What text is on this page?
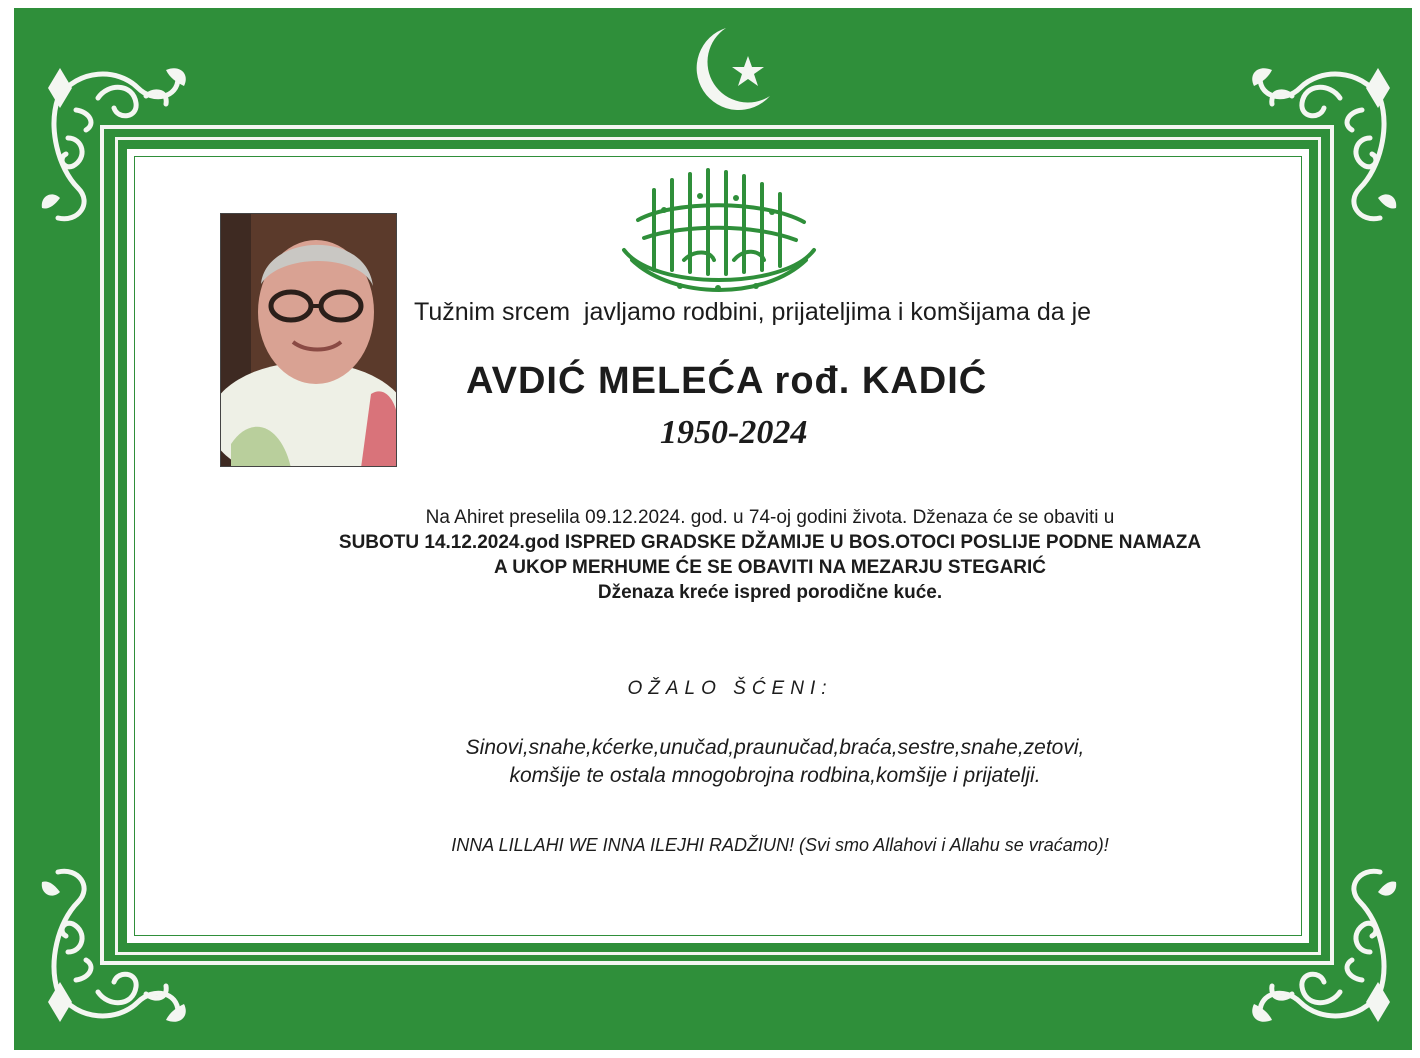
Tužnim srcem  javljamo rodbini, prijateljima i komšijama da je
AVDIĆ MELEĆA rođ. KADIĆ
1950-2024
Na Ahiret preselila 09.12.2024. god. u 74-oj godini života. Dženaza će se obaviti u
SUBOTU 14.12.2024.god ISPRED GRADSKE DŽAMIJE U BOS.OTOCI POSLIJE PODNE NAMAZA
A UKOP MERHUME ĆE SE OBAVITI NA MEZARJU STEGARIĆ
Dženaza kreće ispred porodične kuće.
OŽALO ŠĆENI:
Sinovi,snahe,kćerke,unučad,praunučad,braća,sestre,snahe,zetovi,
komšije te ostala mnogobrojna rodbina,komšije i prijatelji.
INNA LILLAHI WE INNA ILEJHI RADŽIUN! (Svi smo Allahovi i Allahu se vraćamo)!
